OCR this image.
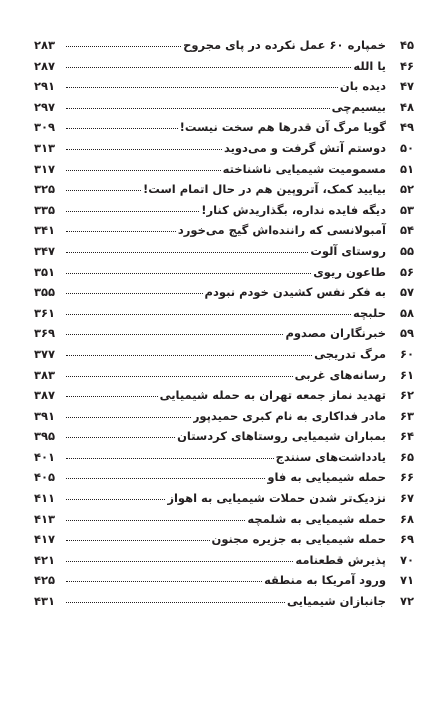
۴۵
خمپاره ۶۰ عمل نکرده در پای مجروح
۲۸۳
۴۶
یا الله
۲۸۷
۴۷
دیده بان
۲۹۱
۴۸
بیسیم‌چی
۲۹۷
۴۹
گویا مرگ آن قدرها هم سخت نیست!
۳۰۹
۵۰
دوستم آتش گرفت و می‌دوید
۳۱۳
۵۱
مسمومیت شیمیایی ناشناخته
۳۱۷
۵۲
بیایید کمک، آتروپین هم در حال اتمام است!
۳۲۵
۵۳
دیگه فایده نداره، بگذاریدش کنار!
۳۳۵
۵۴
آمبولانسی که راننده‌اش گیج می‌خورد
۳۴۱
۵۵
روستای آلوت
۳۴۷
۵۶
طاعون ریوی
۳۵۱
۵۷
به فکر نفس کشیدن خودم نبودم
۳۵۵
۵۸
حلبچه
۳۶۱
۵۹
خبرنگاران مصدوم
۳۶۹
۶۰
مرگ تدریجی
۳۷۷
۶۱
رسانه‌های غربی
۳۸۳
۶۲
تهدید نماز جمعه تهران به حمله شیمیایی
۳۸۷
۶۳
مادر فداکاری به نام کبری حمیدپور
۳۹۱
۶۴
بمباران شیمیایی روستاهای کردستان
۳۹۵
۶۵
یادداشت‌های سنندج
۴۰۱
۶۶
حمله شیمیایی به فاو
۴۰۵
۶۷
نزدیک‌تر شدن حملات شیمیایی به اهواز
۴۱۱
۶۸
حمله شیمیایی به شلمچه
۴۱۳
۶۹
حمله شیمیایی به جزیره مجنون
۴۱۷
۷۰
پذیرش قطعنامه
۴۲۱
۷۱
ورود آمریکا به منطقه
۴۲۵
۷۲
جانبازان شیمیایی
۴۳۱
